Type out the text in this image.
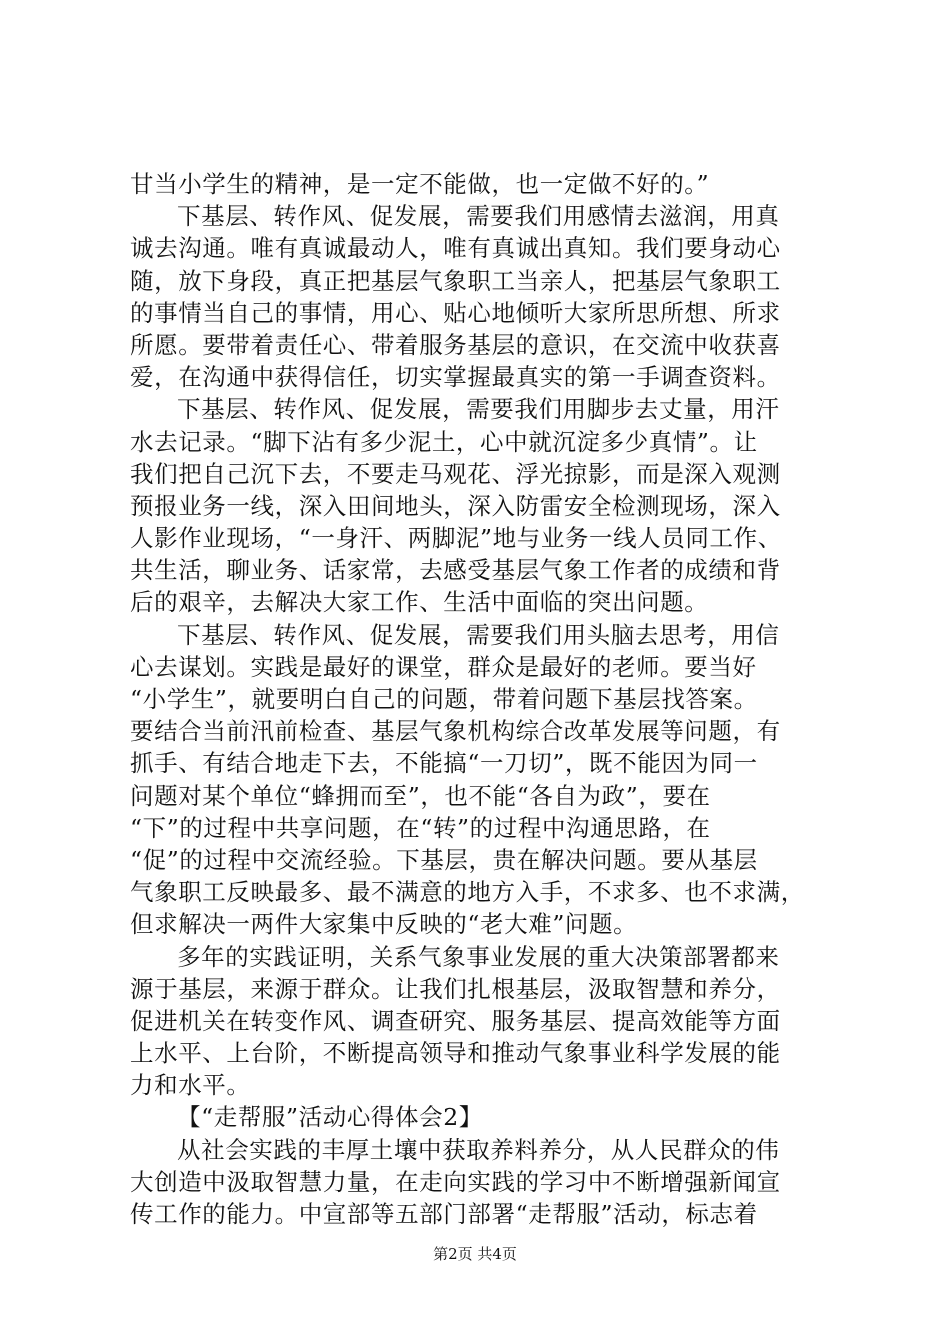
甘当小学生的精神，是一定不能做，也一定做不好的。”
下基层、转作风、促发展，需要我们用感情去滋润，用真
诚去沟通。唯有真诚最动人，唯有真诚出真知。我们要身动心
随，放下身段，真正把基层气象职工当亲人，把基层气象职工
的事情当自己的事情，用心、贴心地倾听大家所思所想、所求
所愿。要带着责任心、带着服务基层的意识，在交流中收获喜
爱，在沟通中获得信任，切实掌握最真实的第一手调查资料。
下基层、转作风、促发展，需要我们用脚步去丈量，用汗
水去记录。“脚下沾有多少泥土，心中就沉淀多少真情”。让
我们把自己沉下去，不要走马观花、浮光掠影，而是深入观测
预报业务一线，深入田间地头，深入防雷安全检测现场，深入
人影作业现场，“一身汗、两脚泥”地与业务一线人员同工作、
共生活，聊业务、话家常，去感受基层气象工作者的成绩和背
后的艰辛，去解决大家工作、生活中面临的突出问题。
下基层、转作风、促发展，需要我们用头脑去思考，用信
心去谋划。实践是最好的课堂，群众是最好的老师。要当好
“小学生”，就要明白自己的问题，带着问题下基层找答案。
要结合当前汛前检查、基层气象机构综合改革发展等问题，有
抓手、有结合地走下去，不能搞“一刀切”，既不能因为同一
问题对某个单位“蜂拥而至”，也不能“各自为政”，要在
“下”的过程中共享问题，在“转”的过程中沟通思路，在
“促”的过程中交流经验。下基层，贵在解决问题。要从基层
气象职工反映最多、最不满意的地方入手，不求多、也不求满，
但求解决一两件大家集中反映的“老大难”问题。
多年的实践证明，关系气象事业发展的重大决策部署都来
源于基层，来源于群众。让我们扎根基层，汲取智慧和养分，
促进机关在转变作风、调查研究、服务基层、提高效能等方面
上水平、上台阶，不断提高领导和推动气象事业科学发展的能
力和水平。
【“走帮服”活动心得体会2】
从社会实践的丰厚土壤中获取养料养分，从人民群众的伟
大创造中汲取智慧力量，在走向实践的学习中不断增强新闻宣
传工作的能力。中宣部等五部门部署“走帮服”活动，标志着
第2页 共4页
